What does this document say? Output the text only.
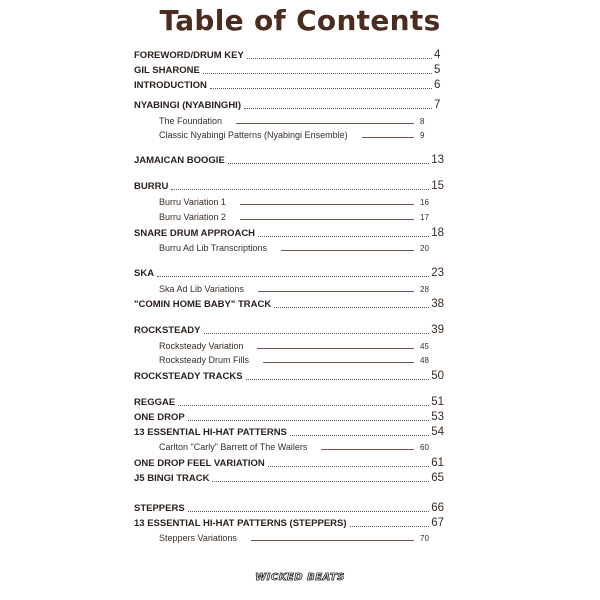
Table of Contents
FOREWORD/DRUM KEY	4
GIL SHARONE	5
INTRODUCTION	6
NYABINGI (NYABINGHI)	7
The Foundation	8
Classic Nyabingi Patterns (Nyabingi Ensemble)	9
JAMAICAN BOOGIE	13
BURRU	15
Burru Variation 1	16
Burru Variation 2	17
SNARE DRUM APPROACH	18
Burru Ad Lib Transcriptions	20
SKA	23
Ska Ad Lib Variations	28
"COMIN HOME BABY" TRACK	38
ROCKSTEADY	39
Rocksteady Variation	45
Rocksteady Drum Fills	48
ROCKSTEADY TRACKS	50
REGGAE	51
ONE DROP	53
13 ESSENTIAL HI-HAT PATTERNS	54
Carlton "Carly" Barrett of The Wailers	60
ONE DROP FEEL VARIATION	61
J5 BINGI TRACK	65
STEPPERS	66
13 ESSENTIAL HI-HAT PATTERNS (STEPPERS)	67
Steppers Variations	70
WICKED BEATS
